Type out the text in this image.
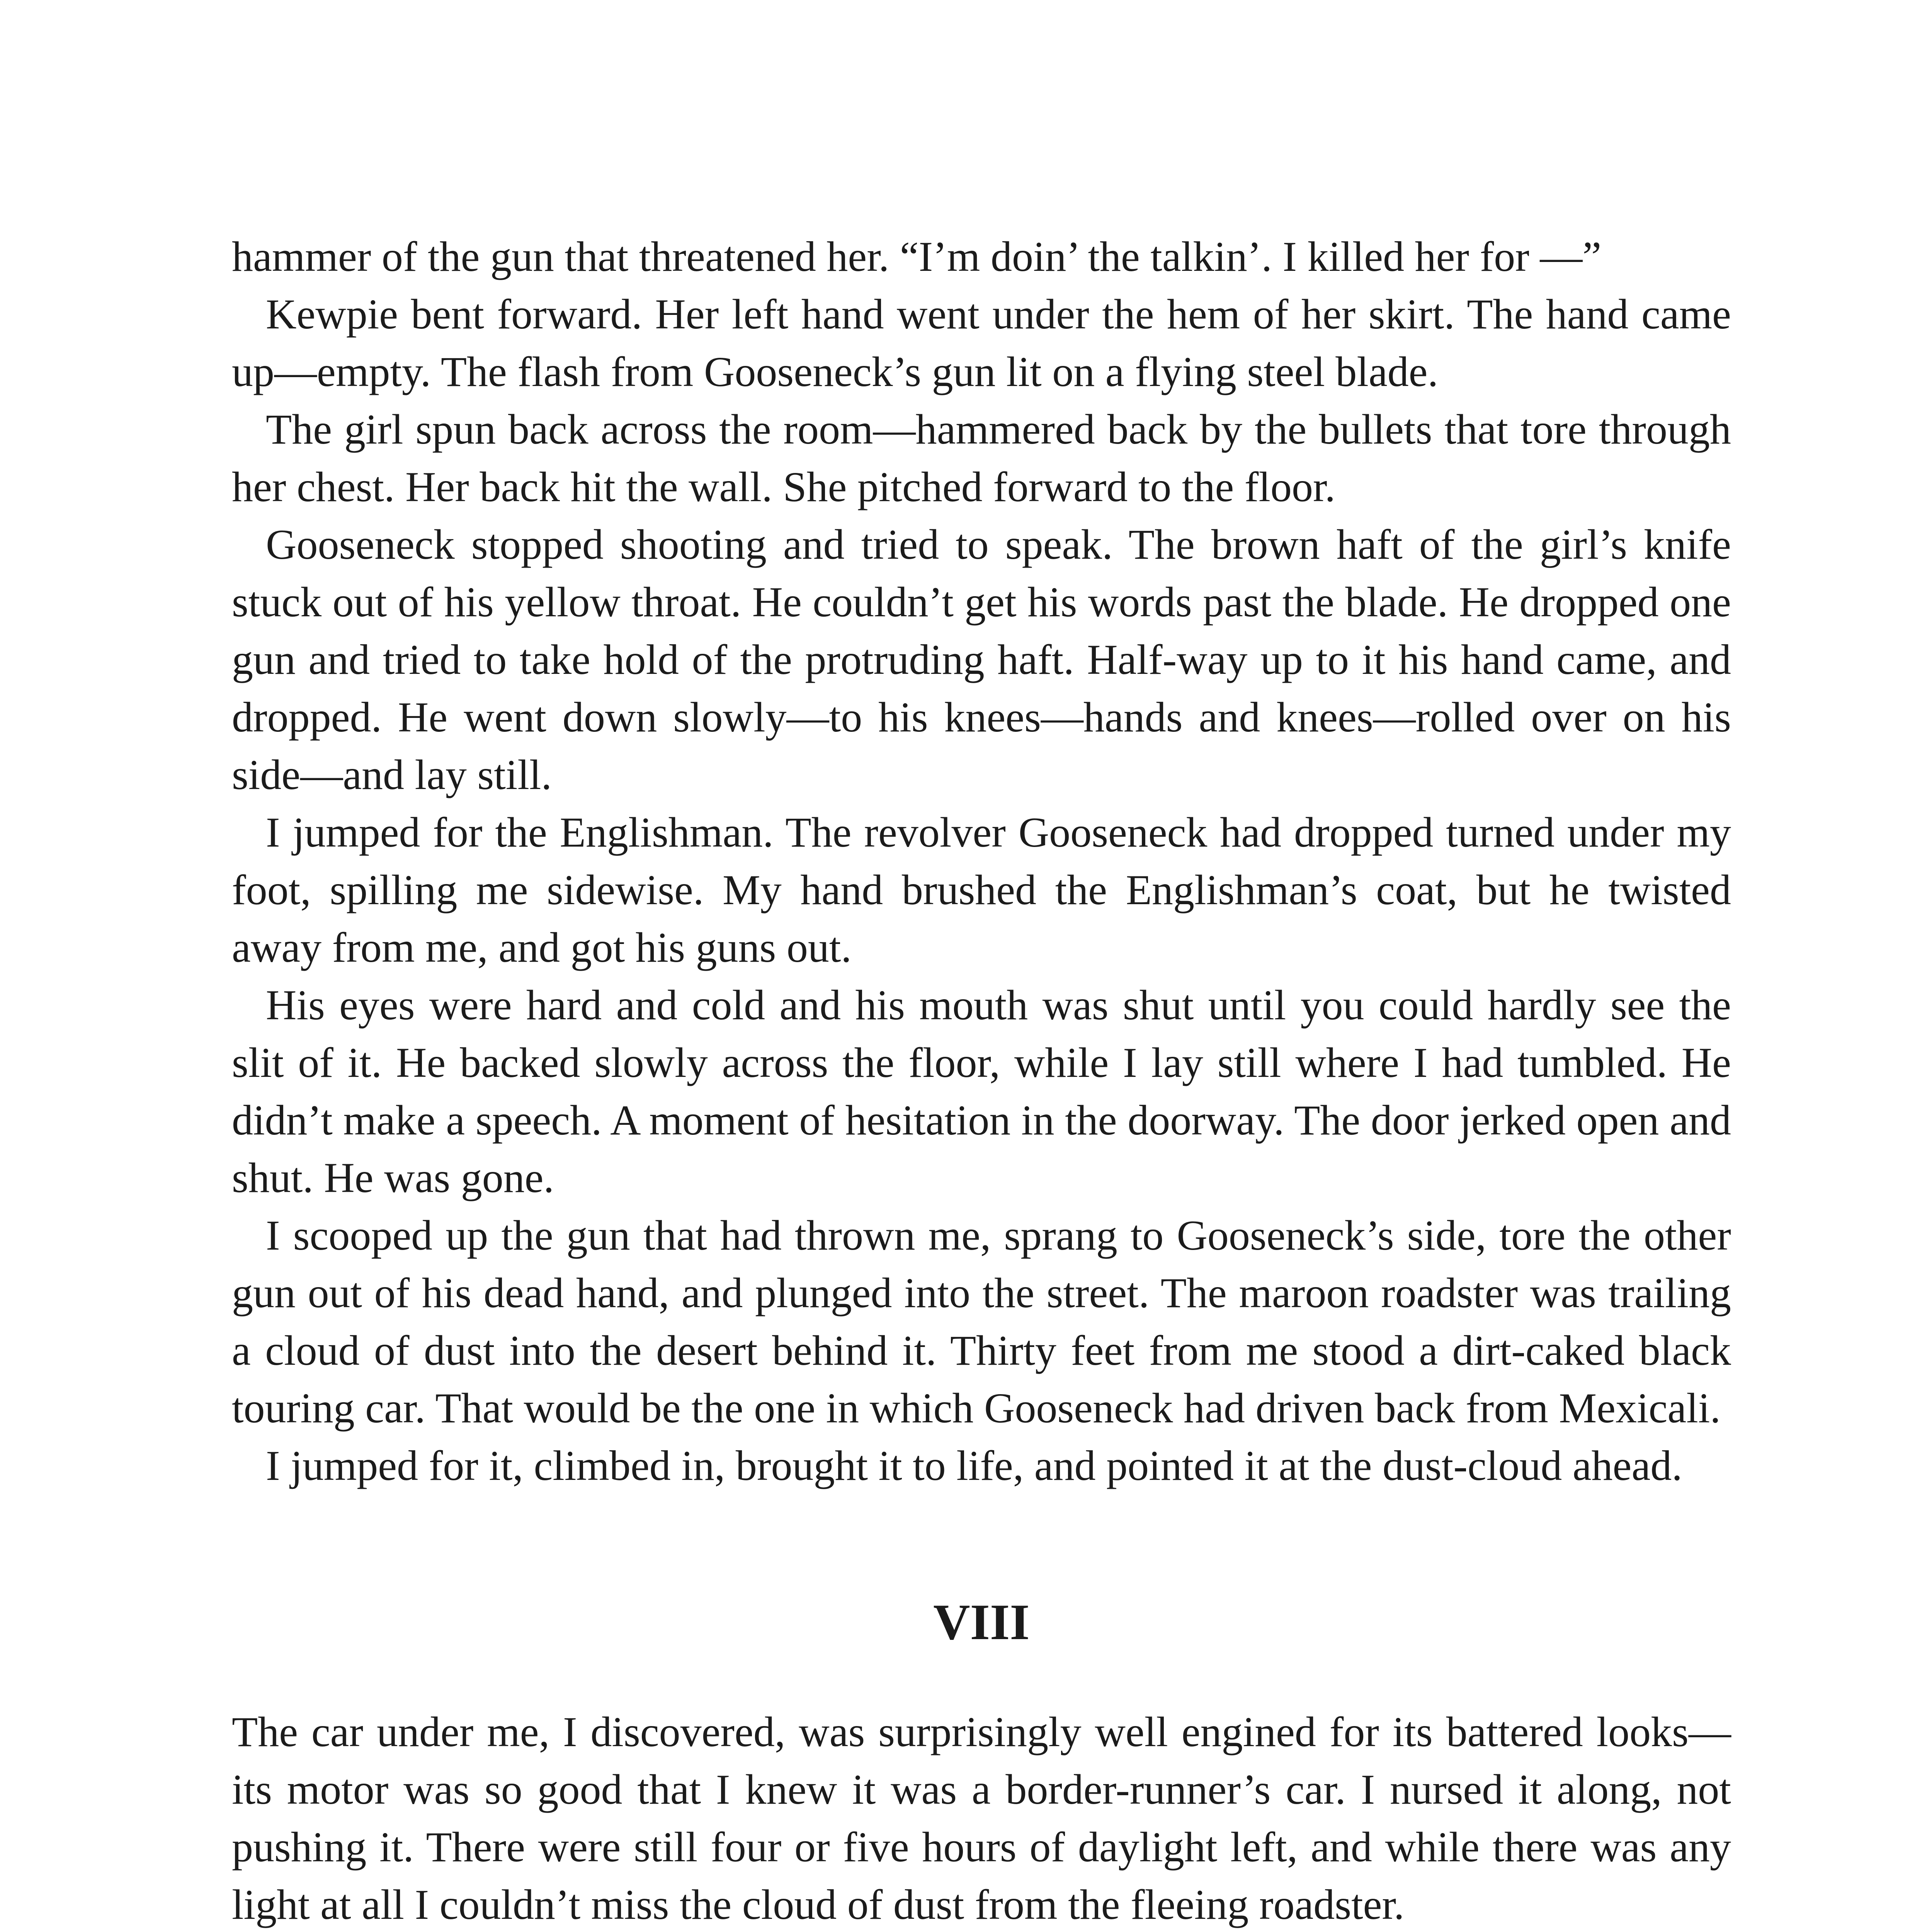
hammer of the gun that threatened her. “I’m doin’ the talkin’. I killed her for —”

Kewpie bent forward. Her left hand went under the hem of her skirt. The hand came up—empty. The flash from Gooseneck’s gun lit on a flying steel blade.

The girl spun back across the room—hammered back by the bullets that tore through her chest. Her back hit the wall. She pitched forward to the floor.

Gooseneck stopped shooting and tried to speak. The brown haft of the girl’s knife stuck out of his yellow throat. He couldn’t get his words past the blade. He dropped one gun and tried to take hold of the protruding haft. Half-way up to it his hand came, and dropped. He went down slowly—to his knees—hands and knees—rolled over on his side—and lay still.

I jumped for the Englishman. The revolver Gooseneck had dropped turned under my foot, spilling me sidewise. My hand brushed the Englishman’s coat, but he twisted away from me, and got his guns out.

His eyes were hard and cold and his mouth was shut until you could hardly see the slit of it. He backed slowly across the floor, while I lay still where I had tumbled. He didn’t make a speech. A moment of hesitation in the doorway. The door jerked open and shut. He was gone.

I scooped up the gun that had thrown me, sprang to Gooseneck’s side, tore the other gun out of his dead hand, and plunged into the street. The maroon roadster was trailing a cloud of dust into the desert behind it. Thirty feet from me stood a dirt-caked black touring car. That would be the one in which Gooseneck had driven back from Mexicali.

I jumped for it, climbed in, brought it to life, and pointed it at the dust-cloud ahead.

VIII

The car under me, I discovered, was surprisingly well engined for its battered looks—its motor was so good that I knew it was a border-runner’s car. I nursed it along, not pushing it. There were still four or five hours of daylight left, and while there was any light at all I couldn’t miss the cloud of dust from the fleeing roadster.
